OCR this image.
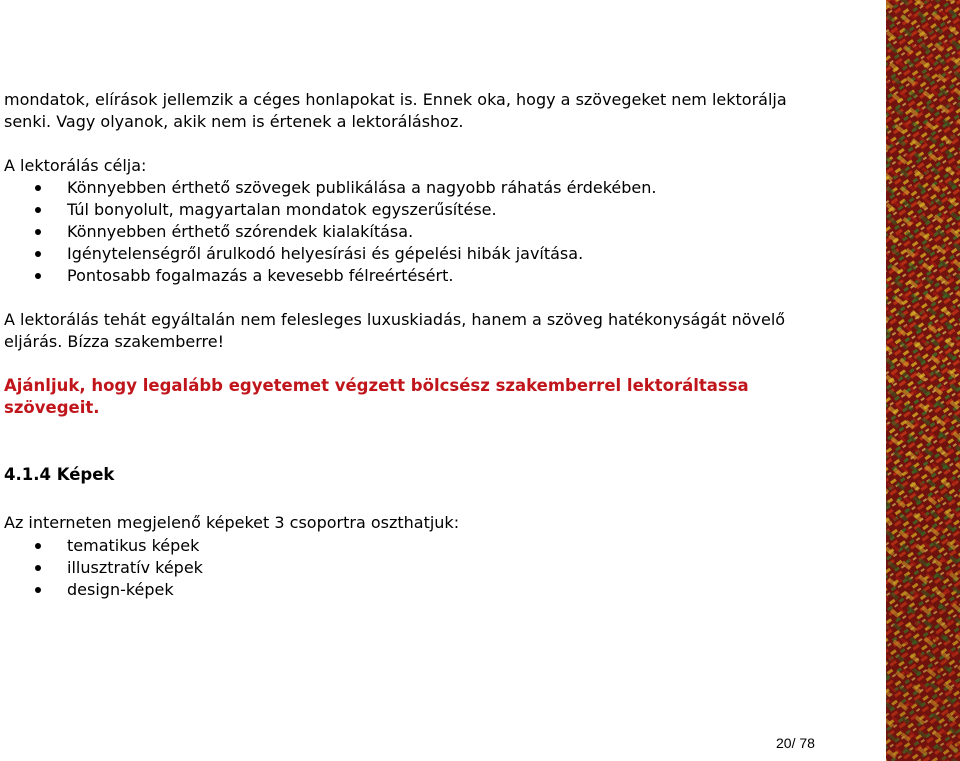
mondatok, elírások jellemzik a céges honlapokat is. Ennek oka, hogy a szövegeket nem lektorálja senki. Vagy olyanok, akik nem is értenek a lektoráláshoz.

A lektorálás célja:

Könnyebben érthető szövegek publikálása a nagyobb ráhatás érdekében.
Túl bonyolult, magyartalan mondatok egyszerűsítése.
Könnyebben érthető szórendek kialakítása.
Igénytelenségről árulkodó helyesírási és gépelési hibák javítása.
Pontosabb fogalmazás a kevesebb félreértésért.

A lektorálás tehát egyáltalán nem felesleges luxuskiadás, hanem a szöveg hatékonyságát növelő eljárás. Bízza szakemberre!

Ajánljuk, hogy legalább egyetemet végzett bölcsész szakemberrel lektoráltassa szövegeit.

4.1.4 Képek

Az interneten megjelenő képeket 3 csoportra oszthatjuk:

tematikus képek
illusztratív képek
design-képek
20/ 78
